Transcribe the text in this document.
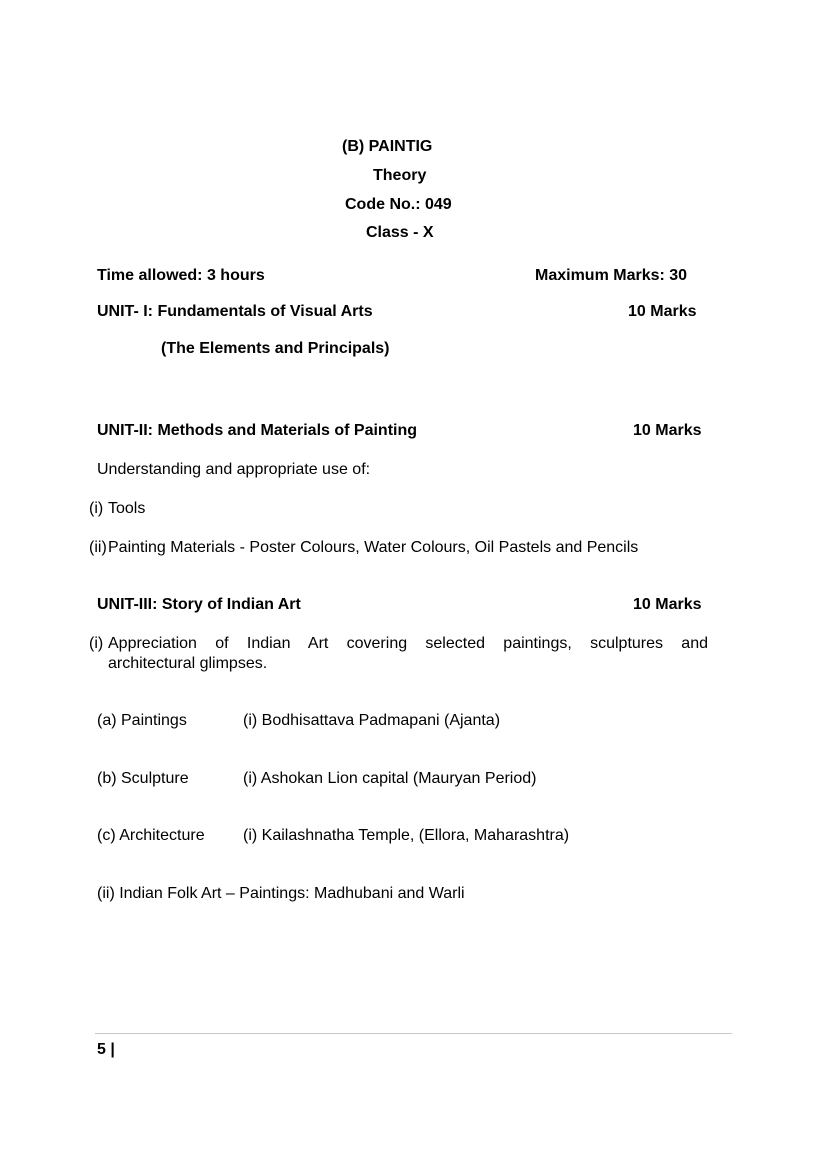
(B) PAINTIG
Theory
Code No.: 049
Class - X
Time allowed: 3 hours	Maximum Marks: 30
UNIT- I: Fundamentals of Visual Arts	10 Marks
(The Elements and Principals)
UNIT-II: Methods and Materials of Painting	10 Marks
Understanding and appropriate use of:
(i) Tools
(ii) Painting Materials - Poster Colours, Water Colours, Oil Pastels and Pencils
UNIT-III: Story of Indian Art	10 Marks
(i) Appreciation of Indian Art covering selected paintings, sculptures and
architectural glimpses.
(a) Paintings	(i) Bodhisattava Padmapani (Ajanta)
(b) Sculpture	(i) Ashokan Lion capital (Mauryan Period)
(c) Architecture (i) Kailashnatha Temple, (Ellora, Maharashtra)
(ii) Indian Folk Art – Paintings: Madhubani and Warli
5 |
